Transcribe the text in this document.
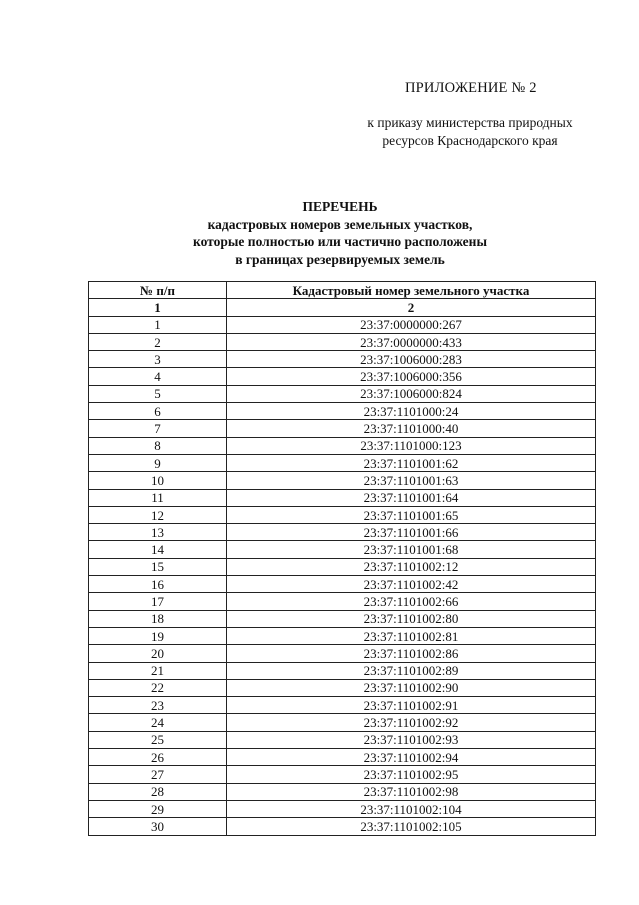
ПРИЛОЖЕНИЕ № 2
к приказу министерства природных
ресурсов Краснодарского края
ПЕРЕЧЕНЬ
кадастровых номеров земельных участков,
которые полностью или частично расположены
в границах резервируемых земель
№ п/п	Кадастровый номер земельного участка
1	2
1	23:37:0000000:267
2	23:37:0000000:433
3	23:37:1006000:283
4	23:37:1006000:356
5	23:37:1006000:824
6	23:37:1101000:24
7	23:37:1101000:40
8	23:37:1101000:123
9	23:37:1101001:62
10	23:37:1101001:63
11	23:37:1101001:64
12	23:37:1101001:65
13	23:37:1101001:66
14	23:37:1101001:68
15	23:37:1101002:12
16	23:37:1101002:42
17	23:37:1101002:66
18	23:37:1101002:80
19	23:37:1101002:81
20	23:37:1101002:86
21	23:37:1101002:89
22	23:37:1101002:90
23	23:37:1101002:91
24	23:37:1101002:92
25	23:37:1101002:93
26	23:37:1101002:94
27	23:37:1101002:95
28	23:37:1101002:98
29	23:37:1101002:104
30	23:37:1101002:105
